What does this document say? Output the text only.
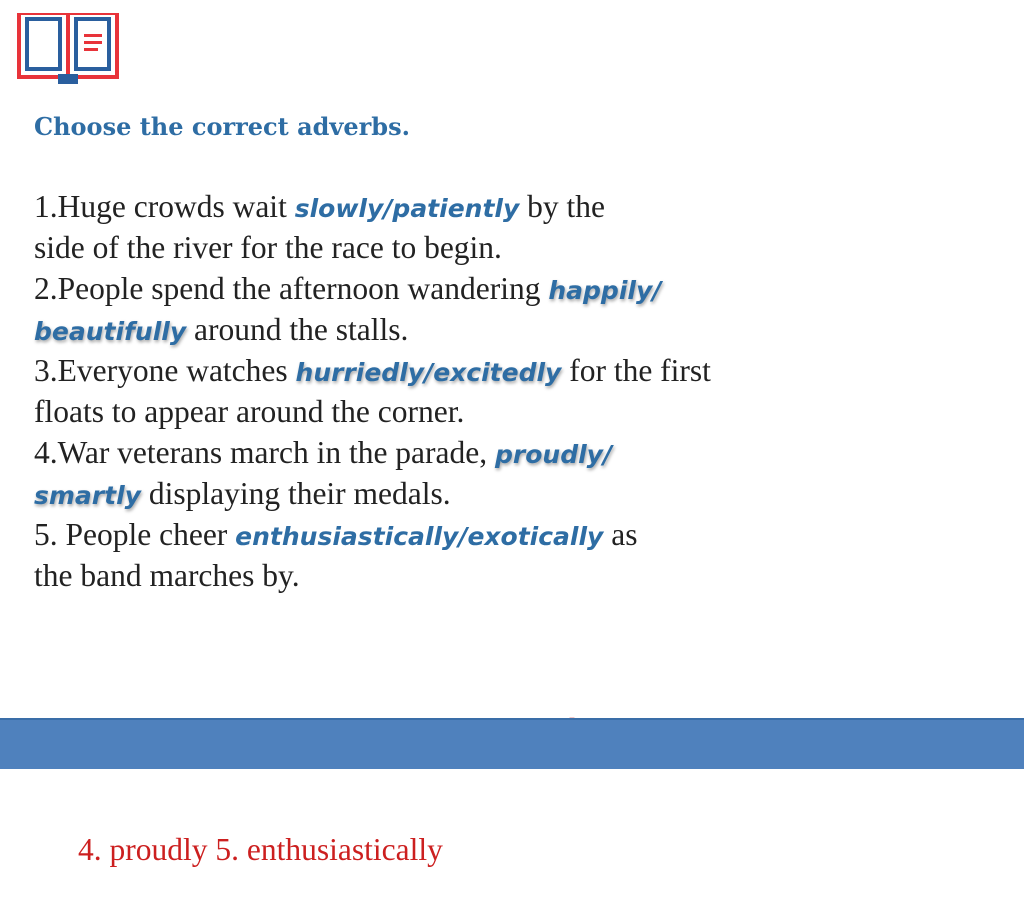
Choose the correct adverbs.
1.Huge crowds wait slowly/patiently by the
side of the river for the race to begin.
2.People spend the afternoon wandering happily/
beautifully around the stalls.
3.Everyone watches hurriedly/excitedly for the first
floats to appear around the corner.
4.War veterans march in the parade, proudly/
smartly displaying their medals.
5. People cheer enthusiastically/exotically as
the band marches by.

4. proudly 5. enthusiastically
